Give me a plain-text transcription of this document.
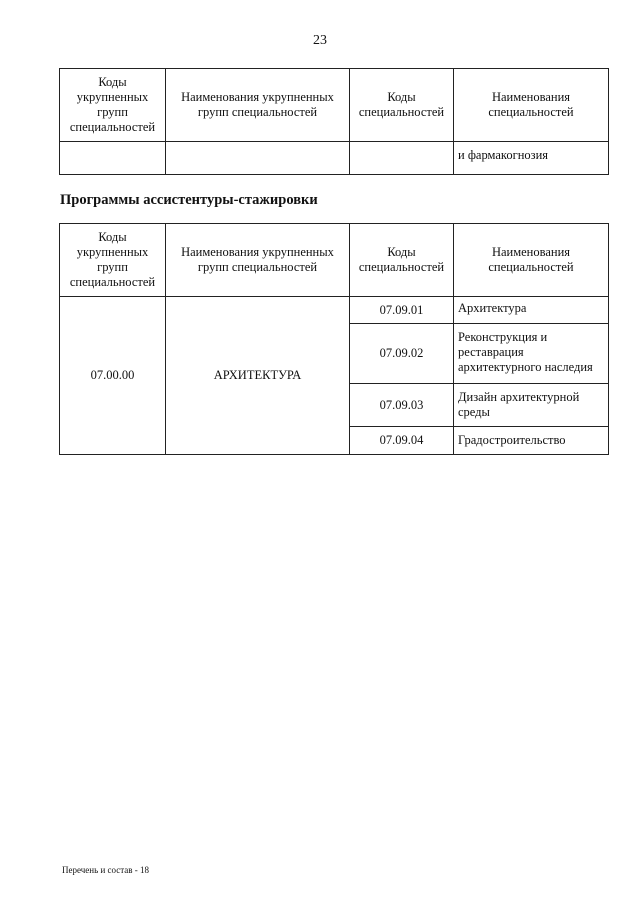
23
Коды укрупненных групп специальностей	Наименования укрупненных групп специальностей	Коды специальностей	Наименования специальностей
			и фармакогнозия
Программы ассистентуры-стажировки
Коды укрупненных групп специальностей	Наименования укрупненных групп специальностей	Коды специальностей	Наименования специальностей
07.00.00	АРХИТЕКТУРА	07.09.01	Архитектура
		07.09.02	Реконструкция и реставрация архитектурного наследия
		07.09.03	Дизайн архитектурной среды
		07.09.04	Градостроительство
Перечень и состав - 18
